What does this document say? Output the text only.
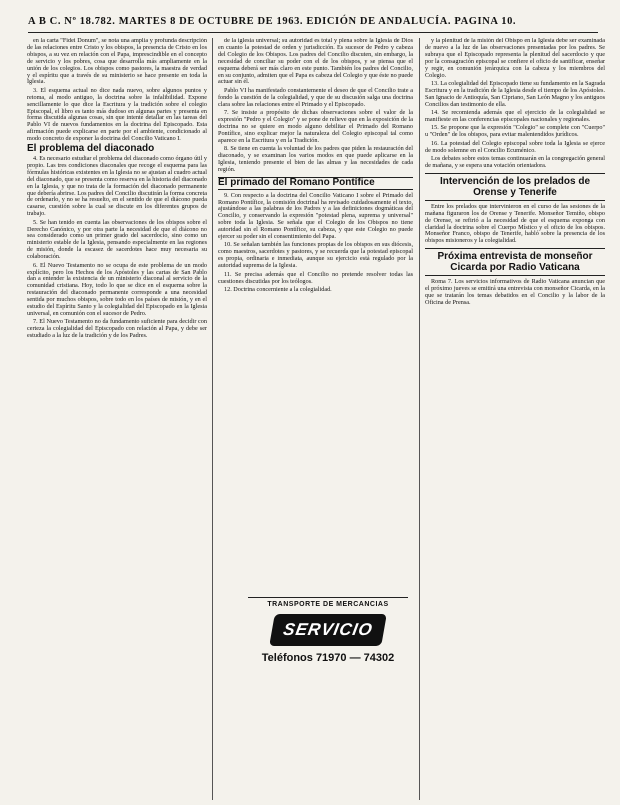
A B C. Nº 18.782. MARTES 8 DE OCTUBRE DE 1963. EDICIÓN DE ANDALUCÍA. PAGINA 10.

en la carta "Fidei Donum", se nota una amplia y profunda descripción de las relaciones entre Cristo y los obispos, la presencia de Cristo en los obispos, a su vez en relación con el Papa, imprescindible en el concepto de servicio y los pobres, cosa que desarrolla más ampliamente en la unión de los colegios. Los obispos como pastores, la maestra de verdad y el espíritu que a través de su ministerio se hace presente en toda la Iglesia.

3. El esquema actual no dice nada nuevo, sobre algunos puntos y retoma, al modo antiguo, la doctrina sobre la infalibilidad. Expone sencillamente lo que dice la Escritura y la tradición sobre el colegio Episcopal, el libro es tanto más dudoso en algunas partes y presenta en forma discutida algunas cosas, sin que intente detallar en las tareas del Pablo VI de nuevos fundamentos en la doctrina del Episcopado. Esta afirmación puede explicarse en parte por el ambiente, condicionado al modo concreto de exponer la doctrina del Concilio Vaticano I.

El problema del diaconado

4. Es necesario estudiar el problema del diaconado como órgano útil y propio. Las tres condiciones diaconales que recoge el esquema para las fórmulas históricas existentes en la Iglesia no se ajustan al cuadro actual del diaconado, que se presenta como reserva en la historia del diaconado en la Iglesia, y que no trata de la formación del diaconado permanente que debería abrirse. Los padres del Concilio discutirán la forma concreta de ordenarlo, y no se ha resuelto, en el sentido de que el diácono pueda casarse, cuestión sobre la cual se discute en los diferentes grupos de trabajo.

5. Se han tenido en cuenta las observaciones de los obispos sobre el Derecho Canónico, y por otra parte la necesidad de que el diácono no sea considerado como un primer grado del sacerdocio, sino como un ministerio estable de la Iglesia, pensando especialmente en las regiones de misión, donde la escasez de sacerdotes hace muy necesaria su colaboración.

6. El Nuevo Testamento no se ocupa de este problema de un modo explícito, pero los Hechos de los Apóstoles y las cartas de San Pablo dan a entender la existencia de un ministerio diaconal al servicio de la comunidad cristiana. Hoy, todo lo que se dice en el esquema sobre la restauración del diaconado permanente corresponde a una necesidad sentida por muchos obispos, sobre todo en los países de misión, y en el estudio del Espíritu Santo y la colegialidad del Episcopado en la Iglesia universal, en comunión con el sucesor de Pedro.

7. El Nuevo Testamento no da fundamento suficiente para decidir con certeza la colegialidad del Episcopado con relación al Papa, y debe ser estudiado a la luz de la tradición y de los Padres.

de la iglesia universal; su autoridad es total y plena sobre la Iglesia de Dios en cuanto la potestad de orden y jurisdicción. Es sucesor de Pedro y cabeza del Colegio de los Obispos. Los padres del Concilio discuten, sin embargo, la necesidad de conciliar su poder con el de los obispos, y se piensa que el esquema deberá ser más claro en este punto. También los padres del Concilio, en su conjunto, admiten que el Papa es cabeza del Colegio y que éste no puede actuar sin él.

Pablo VI ha manifestado constantemente el deseo de que el Concilio trate a fondo la cuestión de la colegialidad, y que de su discusión salga una doctrina clara sobre las relaciones entre el Primado y el Episcopado.

7. Se insiste a propósito de dichas observaciones sobre el valor de la expresión "Pedro y el Colegio" y se pone de relieve que en la exposición de la doctrina no se quiere en modo alguno debilitar el Primado del Romano Pontífice, sino explicar mejor la naturaleza del Colegio episcopal tal como aparece en la Escritura y en la Tradición.

8. Se tiene en cuenta la voluntad de los padres que piden la restauración del diaconado, y se examinan los varios modos en que puede aplicarse en la Iglesia, teniendo presente el bien de las almas y las necesidades de cada región.

El primado del Romano Pontífice

9. Con respecto a la doctrina del Concilio Vaticano I sobre el Primado del Romano Pontífice, la comisión doctrinal ha revisado cuidadosamente el texto, ajustándose a las palabras de los Padres y a las definiciones dogmáticas del Concilio, y conservando la expresión "potestad plena, suprema y universal" sobre toda la Iglesia. Se señala que el Colegio de los Obispos no tiene autoridad sin el Romano Pontífice, su cabeza, y que este Colegio no puede ejercer su poder sin el consentimiento del Papa.

10. Se señalan también las funciones propias de los obispos en sus diócesis, como maestros, sacerdotes y pastores, y se recuerda que la potestad episcopal es propia, ordinaria e inmediata, aunque su ejercicio está regulado por la autoridad suprema de la Iglesia.

11. Se precisa además que el Concilio no pretende resolver todas las cuestiones discutidas por los teólogos.

12. Doctrina concerniente a la colegialidad.

TRANSPORTE DE MERCANCIAS
SERVICIO
Teléfonos 71970 — 74302

y la plenitud de la misión del Obispo en la Iglesia debe ser examinada de nuevo a la luz de las observaciones presentadas por los padres. Se subraya que el Episcopado representa la plenitud del sacerdocio y que por la consagración episcopal se confiere el oficio de santificar, enseñar y regir, en comunión jerárquica con la cabeza y los miembros del Colegio.

13. La colegialidad del Episcopado tiene su fundamento en la Sagrada Escritura y en la tradición de la Iglesia desde el tiempo de los Apóstoles. San Ignacio de Antioquía, San Cipriano, San León Magno y los antiguos Concilios dan testimonio de ella.

14. Se recomienda además que el ejercicio de la colegialidad se manifieste en las conferencias episcopales nacionales y regionales.

15. Se propone que la expresión "Colegio" se complete con "Cuerpo" u "Orden" de los obispos, para evitar malentendidos jurídicos.

16. La potestad del Colegio episcopal sobre toda la Iglesia se ejerce de modo solemne en el Concilio Ecuménico.

Los debates sobre estos temas continuarán en la congregación general de mañana, y se espera una votación orientadora.

Intervención de los prelados de Orense y Tenerife

Entre los prelados que intervinieron en el curso de las sesiones de la mañana figuraron los de Orense y Tenerife. Monseñor Temiño, obispo de Orense, se refirió a la necesidad de que el esquema exponga con claridad la doctrina sobre el Cuerpo Místico y el oficio de los obispos. Monseñor Franco, obispo de Tenerife, habló sobre la presencia de los obispos misioneros y la colegialidad.

Próxima entrevista de monseñor Cicarda por Radio Vaticana

Roma 7. Los servicios informativos de Radio Vaticana anuncian que el próximo jueves se emitirá una entrevista con monseñor Cicarda, en la que se tratarán los temas debatidos en el Concilio y la labor de la Oficina de Prensa.
